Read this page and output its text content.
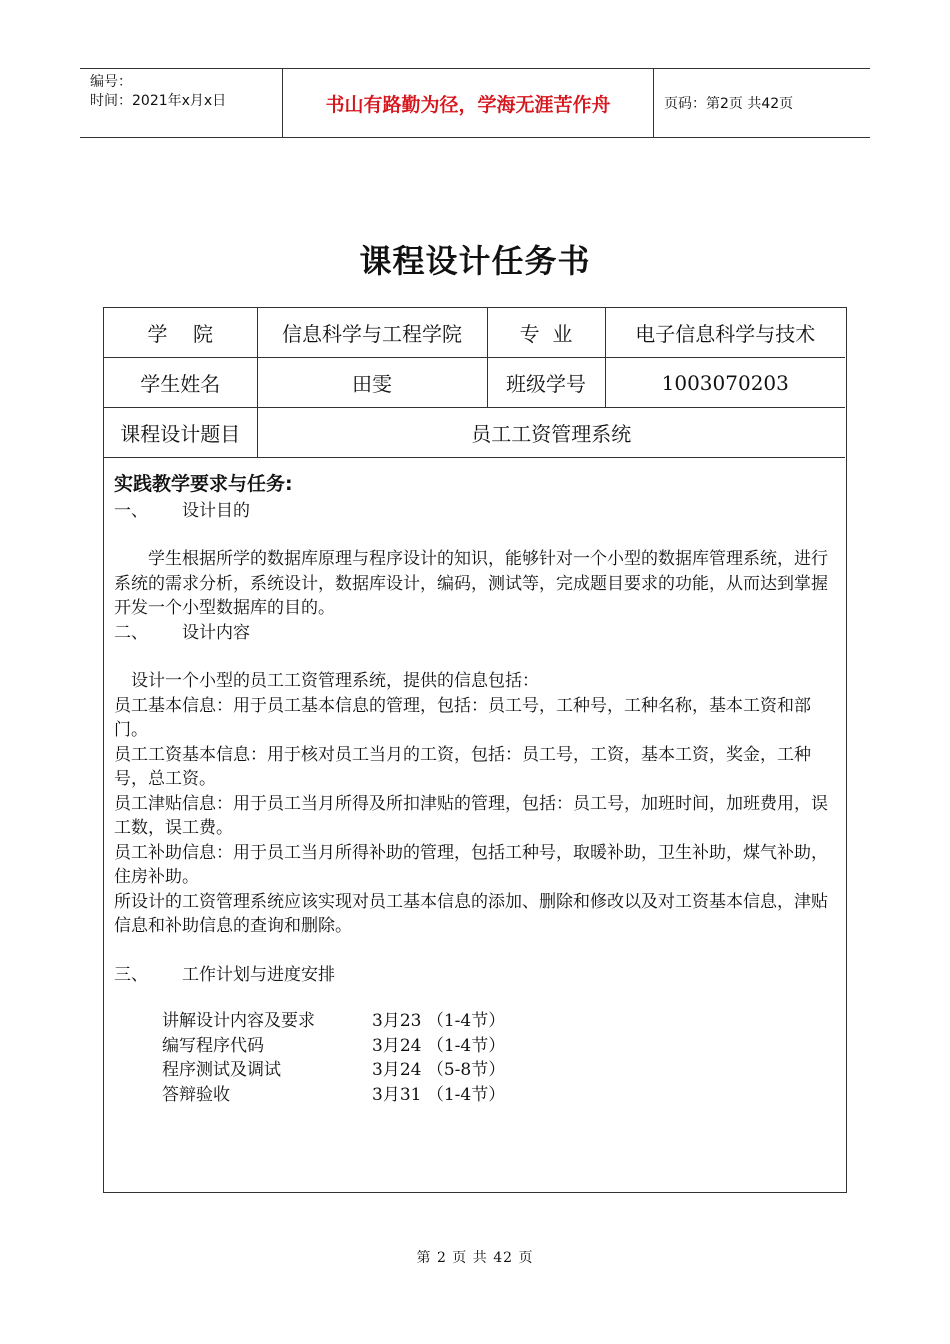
编号：
时间：2021年x月x日	书山有路勤为径，学海无涯苦作舟	页码：第2页 共42页
课程设计任务书
学    院	信息科学与工程学院	专  业	电子信息科学与技术
学生姓名	田雯	班级学号	1003070203
课程设计题目	员工工资管理系统		
实践教学要求与任务:
一、	设计目的

学生根据所学的数据库原理与程序设计的知识，能够针对一个小型的数据库管理系统，进行系统的需求分析，系统设计，数据库设计，编码，测试等，完成题目要求的功能，从而达到掌握开发一个小型数据库的目的。

二、	设计内容

设计一个小型的员工工资管理系统，提供的信息包括：

员工基本信息：用于员工基本信息的管理，包括：员工号，工种号，工种名称，基本工资和部门。

员工工资基本信息：用于核对员工当月的工资，包括：员工号，工资，基本工资，奖金，工种号，总工资。

员工津贴信息：用于员工当月所得及所扣津贴的管理，包括：员工号，加班时间，加班费用，误工数，误工费。

员工补助信息：用于员工当月所得补助的管理，包括工种号，取暖补助，卫生补助，煤气补助，住房补助。

所设计的工资管理系统应该实现对员工基本信息的添加、删除和修改以及对工资基本信息，津贴信息和补助信息的查询和删除。

三、	工作计划与进度安排
讲解设计内容及要求	3月23 （1-4节）
编写程序代码	3月24 （1-4节）
程序测试及调试	3月24 （5-8节）
答辩验收	3月31 （1-4节）
第 2 页 共 42 页
